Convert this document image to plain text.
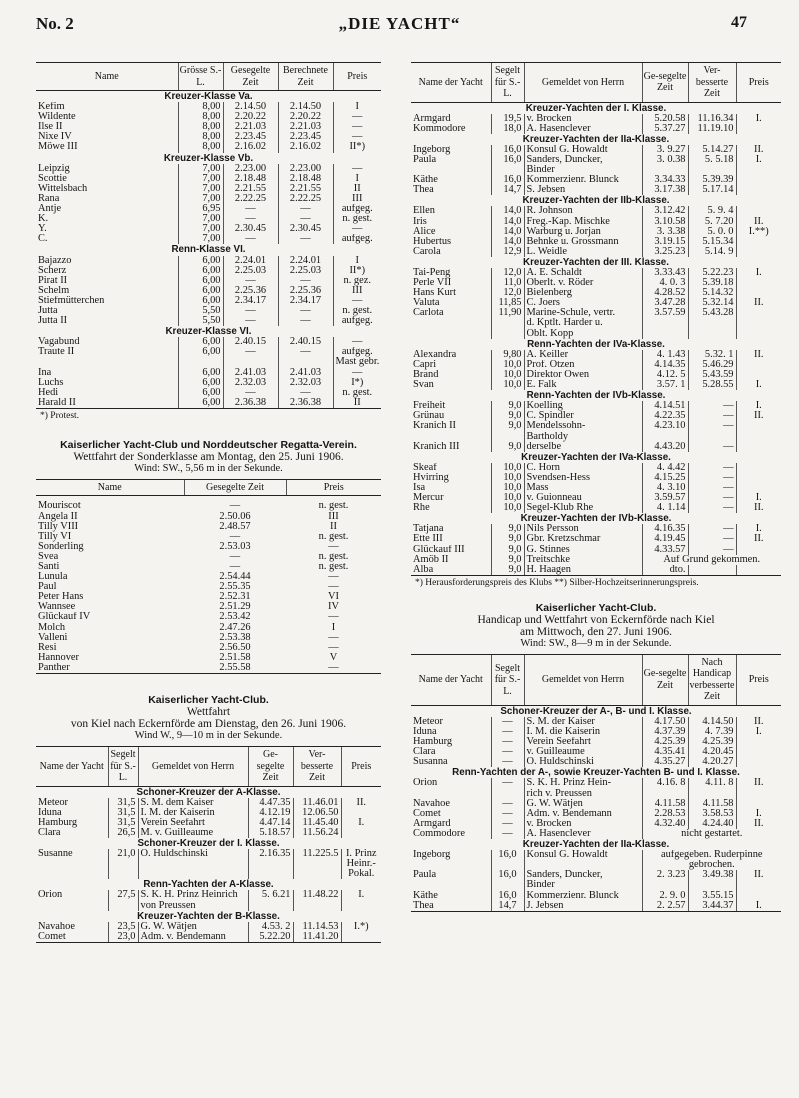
No. 2	„DIE YACHT“	47
Name	Grösse S.-L.	Gesegelte Zeit	Berechnete Zeit	Preis
Kreuzer-Klasse Va.				
Kefim	8,00	2.14.50	2.14.50	I
Wildente	8,00	2.20.22	2.20.22	—
Ilse II	8,00	2.21.03	2.21.03	—
Nixe IV	8,00	2.23.45	2.23.45	—
Möwe III	8,00	2.16.02	2.16.02	II*)
Kreuzer-Klasse Vb.				
Leipzig	7,00	2.23.00	2.23.00	—
Scottie	7,00	2.18.48	2.18.48	I
Wittelsbach	7,00	2.21.55	2.21.55	II
Rana	7,00	2.22.25	2.22.25	III
Antje	6,95	—	—	aufgeg.
K.	7,00	—	—	n. gest.
Y.	7,00	2.30.45	2.30.45	—
C.	7,00	—	—	aufgeg.
Renn-Klasse VI.				
Bajazzo	6,00	2.24.01	2.24.01	I
Scherz	6,00	2.25.03	2.25.03	II*)
Pirat II	6,00	—	—	n. gez.
Schelm	6,00	2.25.36	2.25.36	III
Stiefmütterchen	6,00	2.34.17	2.34.17	—
Jutta	5,50	—	—	n. gest.
Jutta II	5,50	—	—	aufgeg.
Kreuzer-Klasse VI.				
Vagabund	6,00	2.40.15	2.40.15	—
Traute II	6,00	—	—	aufgeg.
				Mast gebr.
Ina	6,00	2.41.03	2.41.03	—
Luchs	6,00	2.32.03	2.32.03	I*)
Hedi	6,00	—	—	n. gest.
Harald II	6,00	2.36.38	2.36.38	II
*) Protest.
Kaiserlicher Yacht-Club und Norddeutscher Regatta-Verein.
Wettfahrt der Sonderklasse am Montag, den 25. Juni 1906.
Wind: SW., 5,56 m in der Sekunde.
Name	Gesegelte Zeit	Preis

Mouriscot	—	n. gest.
Angela II	2.50.06	III
Tilly VIII	2.48.57	II
Tilly VI	—	n. gest.
Sonderling	2.53.03	—
Svea	—	n. gest.
Santi	—	n. gest.
Lunula	2.54.44	—
Paul	2.55.35	—
Peter Hans	2.52.31	VI
Wannsee	2.51.29	IV
Glückauf IV	2.53.42	—
Molch	2.47.26	I
Valleni	2.53.38	—
Resi	2.56.50	—
Hannover	2.51.58	V
Panther	2.55.58	—
Kaiserlicher Yacht-Club.
Wettfahrt
von Kiel nach Eckernförde am Dienstag, den 26. Juni 1906.
Wind W., 9—10 m in der Sekunde.
Name der Yacht	Segelt für S.-L.	Gemeldet von Herrn	Ge-segelte Zeit	Ver-besserte Zeit	Preis
Schoner-Kreuzer der A-Klasse.					
Meteor	31,5	S. M. dem Kaiser	4.47.35	11.46.01	II.
Iduna	31,5	I. M. der Kaiserin	4.12.19	12.06.50	
Hamburg	31,5	Verein Seefahrt	4.47.14	11.45.40	I.
Clara	26,5	M. v. Guilleaume	5.18.57	11.56.24	
Schoner-Kreuzer der I. Klasse.					
Susanne	21,0	O. Huldschinski	2.16.35	11.225.5	I. Prinz
					Heinr.-
					Pokal.
Renn-Yachten der A-Klasse.					
Orion	27,5	S. K. H. Prinz Heinrich	5. 6.21	11.48.22	I.
		von Preussen			
Kreuzer-Yachten der B-Klasse.					
Navahoe	23,5	G. W. Wätjen	4.53. 2	11.14.53	I.*)
Comet	23,0	Adm. v. Bendemann	5.22.20	11.41.20	
Name der Yacht	Segelt für S.-L.	Gemeldet von Herrn	Ge-segelte Zeit	Ver-besserte Zeit	Preis
Kreuzer-Yachten der I. Klasse.					
Armgard	19,5	v. Brocken	5.20.58	11.16.34	I.
Kommodore	18,0	A. Hasenclever	5.37.27	11.19.10	
Kreuzer-Yachten der IIa-Klasse.					
Ingeborg	16,0	Konsul G. Howaldt	3. 9.27	5.14.27	II.
Paula	16,0	Sanders, Duncker,	3. 0.38	5. 5.18	I.
		Binder			
Käthe	16,0	Kommerzienr. Blunck	3.34.33	5.39.39	
Thea	14,7	S. Jebsen	3.17.38	5.17.14	
Kreuzer-Yachten der IIb-Klasse.					
Ellen	14,0	R. Johnson	3.12.42	5. 9. 4	
Iris	14,0	Freg.-Kap. Mischke	3.10.58	5. 7.20	II.
Alice	14,0	Warburg u. Jorjan	3. 3.38	5. 0. 0	I.**)
Hubertus	14,0	Behnke u. Grossmann	3.19.15	5.15.34	
Carola	12,9	L. Weidle	3.25.23	5.14. 9	
Kreuzer-Yachten der III. Klasse.					
Tai-Peng	12,0	A. E. Schaldt	3.33.43	5.22.23	I.
Perle VII	11,0	Oberlt. v. Röder	4. 0. 3	5.39.18	
Hans Kurt	12,0	Bielenberg	4.28.52	5.14.32	
Valuta	11,85	C. Joers	3.47.28	5.32.14	II.
Carlota	11,90	Marine-Schule, vertr.	3.57.59	5.43.28	
		d. Kptlt. Harder u.			
		Oblt. Kopp			
Renn-Yachten der IVa-Klasse.					
Alexandra	9,80	A. Keiller	4. 1.43	5.32. 1	II.
Capri	10,0	Prof. Otzen	4.14.35	5.46.29	
Brand	10,0	Direktor Owen	4.12. 5	5.43.59	
Svan	10,0	E. Falk	3.57. 1	5.28.55	I.
Renn-Yachten der IVb-Klasse.					
Freiheit	9,0	Koelling	4.14.51	—	I.
Grünau	9,0	C. Spindler	4.22.35	—	II.
Kranich II	9,0	Mendelssohn-	4.23.10	—	
		Bartholdy			
Kranich III	9,0	derselbe	4.43.20	—	
Kreuzer-Yachten der IVa-Klasse.					
Skeaf	10,0	C. Horn	4. 4.42	—	
Hvirring	10,0	Svendsen-Hess	4.15.25	—	
Isa	10,0	Mass	4. 3.10	—	
Mercur	10,0	v. Guionneau	3.59.57	—	I.
Rhe	10,0	Segel-Klub Rhe	4. 1.14	—	II.
Kreuzer-Yachten der IVb-Klasse.					
Tatjana	9,0	Nils Persson	4.16.35	—	I.
Ette III	9,0	Gbr. Kretzschmar	4.19.45	—	II.
Glückauf III	9,0	G. Stinnes	4.33.57	—	
Amöb II	9,0	Treitschke	Auf Grund gekommen.		
Alba	9,0	H. Haagen	dto.		
*) Herausforderungspreis des Klubs **) Silber-Hochzeitserinnerungspreis.
Kaiserlicher Yacht-Club.
Handicap und Wettfahrt von Eckernförde nach Kiel
am Mittwoch, den 27. Juni 1906.
Wind: SW., 8—9 m in der Sekunde.
Name der Yacht	Segelt für S.-L.	Gemeldet von Herrn	Ge-segelte Zeit	Nach Handicap verbesserte Zeit	Preis
Schoner-Kreuzer der A-, B- und I. Klasse.					
Meteor	—	S. M. der Kaiser	4.17.50	4.14.50	II.
Iduna	—	I. M. die Kaiserin	4.37.39	4. 7.39	I.
Hamburg	—	Verein Seefahrt	4.25.39	4.25.39	
Clara	—	v. Guilleaume	4.35.41	4.20.45	
Susanna	—	O. Huldschinski	4.35.27	4.20.27	
Renn-Yachten der A-, sowie Kreuzer-Yachten B- und I. Klasse.					
Orion	—	S. K. H. Prinz Hein-	4.16. 8	4.11. 8	II.
		rich v. Preussen			
Navahoe	—	G. W. Wätjen	4.11.58	4.11.58	
Comet	—	Adm. v. Bendemann	2.28.53	3.58.53	I.
Armgard	—	v. Brocken	4.32.40	4.24.40	II.
Commodore	—	A. Hasenclever	nicht gestartet.		
Kreuzer-Yachten der IIa-Klasse.					
Ingeborg	16,0	Konsul G. Howaldt	aufgegeben. Ruderpinne		
			gebrochen.		
Paula	16,0	Sanders, Duncker,	2. 3.23	3.49.38	II.
		Binder			
Käthe	16,0	Kommerzienr. Blunck	2. 9. 0	3.55.15	
Thea	14,7	J. Jebsen	2. 2.57	3.44.37	I.
